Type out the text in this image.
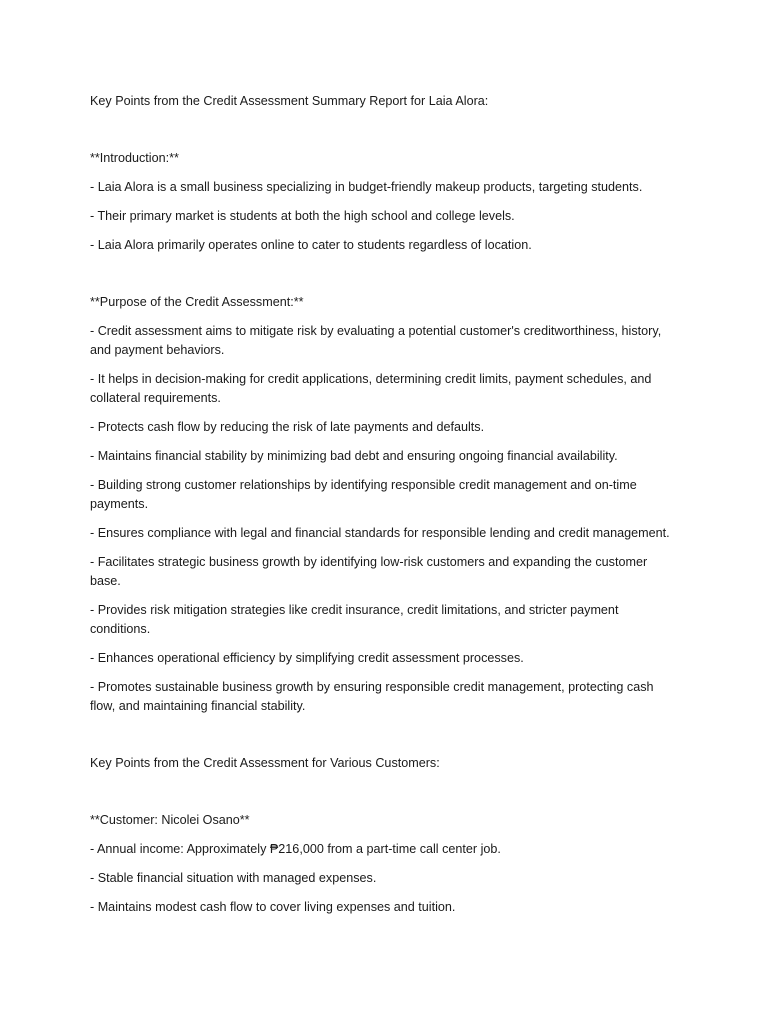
Key Points from the Credit Assessment Summary Report for Laia Alora:

**Introduction:**

- Laia Alora is a small business specializing in budget-friendly makeup products, targeting students.

- Their primary market is students at both the high school and college levels.

- Laia Alora primarily operates online to cater to students regardless of location.

**Purpose of the Credit Assessment:**

- Credit assessment aims to mitigate risk by evaluating a potential customer's creditworthiness, history, and payment behaviors.

- It helps in decision-making for credit applications, determining credit limits, payment schedules, and collateral requirements.

- Protects cash flow by reducing the risk of late payments and defaults.

- Maintains financial stability by minimizing bad debt and ensuring ongoing financial availability.

- Building strong customer relationships by identifying responsible credit management and on-time payments.

- Ensures compliance with legal and financial standards for responsible lending and credit management.

- Facilitates strategic business growth by identifying low-risk customers and expanding the customer base.

- Provides risk mitigation strategies like credit insurance, credit limitations, and stricter payment conditions.

- Enhances operational efficiency by simplifying credit assessment processes.

- Promotes sustainable business growth by ensuring responsible credit management, protecting cash flow, and maintaining financial stability.

Key Points from the Credit Assessment for Various Customers:

**Customer: Nicolei Osano**

- Annual income: Approximately ₱216,000 from a part-time call center job.

- Stable financial situation with managed expenses.

- Maintains modest cash flow to cover living expenses and tuition.
